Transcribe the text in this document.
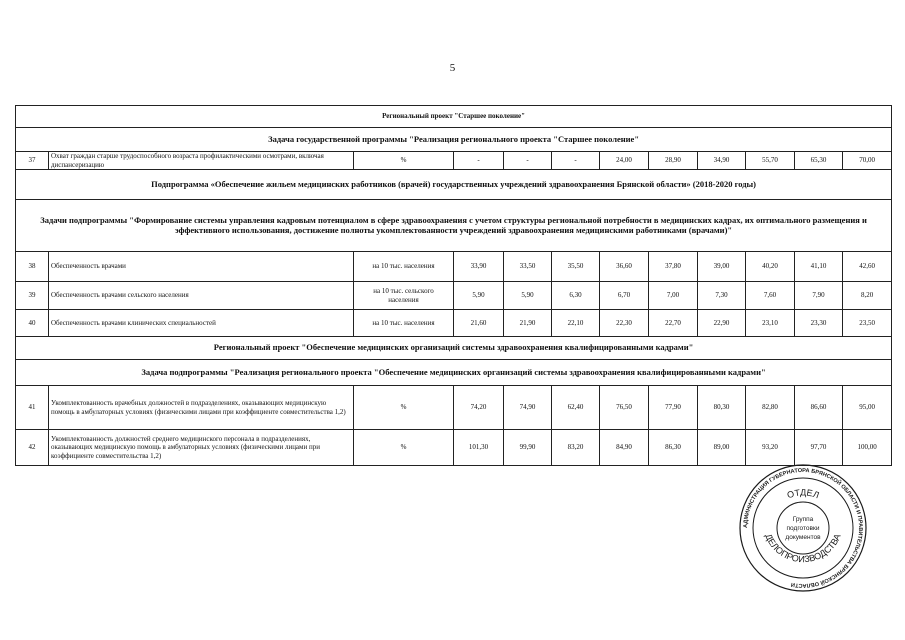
5
Региональный проект "Старшее поколение"											
Задача государственной программы "Реализация регионального проекта "Старшее поколение"											
37	Охват граждан старше трудоспособного возраста профилактическими осмотрами, включая диспансеризацию	%	-	-	-	24,00	28,90	34,90	55,70	65,30	70,00
Подпрограмма «Обеспечение жильем медицинских работников (врачей) государственных учреждений здравоохранения Брянской области» (2018-2020 годы)											
Задачи подпрограммы "Формирование системы управления кадровым потенциалом в сфере здравоохранения с учетом структуры региональной потребности в медицинских кадрах, их оптимального размещения и эффективного использования, достижение полноты укомплектованности учреждений здравоохранения медицинскими работниками (врачами)"											
38	Обеспеченность врачами	на 10 тыс. населения	33,90	33,50	35,50	36,60	37,80	39,00	40,20	41,10	42,60
39	Обеспеченность врачами сельского населения	на 10 тыс. сельского населения	5,90	5,90	6,30	6,70	7,00	7,30	7,60	7,90	8,20
40	Обеспеченность врачами клинических специальностей	на 10 тыс. населения	21,60	21,90	22,10	22,30	22,70	22,90	23,10	23,30	23,50
Региональный проект "Обеспечение медицинских организаций системы здравоохранения квалифицированными кадрами"											
Задача подпрограммы "Реализация регионального проекта "Обеспечение медицинских организаций системы здравоохранения квалифицированными кадрами"											
41	Укомплектованность врачебных должностей в подразделениях, оказывающих медицинскую помощь в амбулаторных условиях (физическими лицами при коэффициенте совместительства 1,2)	%	74,20	74,90	62,40	76,50	77,90	80,30	82,80	86,60	95,00
42	Укомплектованность должностей среднего медицинского персонала в подразделениях, оказывающих медицинскую помощь в амбулаторных условиях (физическими лицами при коэффициенте совместительства 1,2)	%	101,30	99,90	83,20	84,90	86,30	89,00	93,20	97,70	100,00
АДМИНИСТРАЦИЯ ГУБЕРНАТОРА БРЯНСКОЙ ОБЛАСТИ И ПРАВИТЕЛЬСТВА БРЯНСКОЙ ОБЛАСТИ
ОТДЕЛ
ДЕЛОПРОИЗВОДСТВА
Группа
подготовки
документов
